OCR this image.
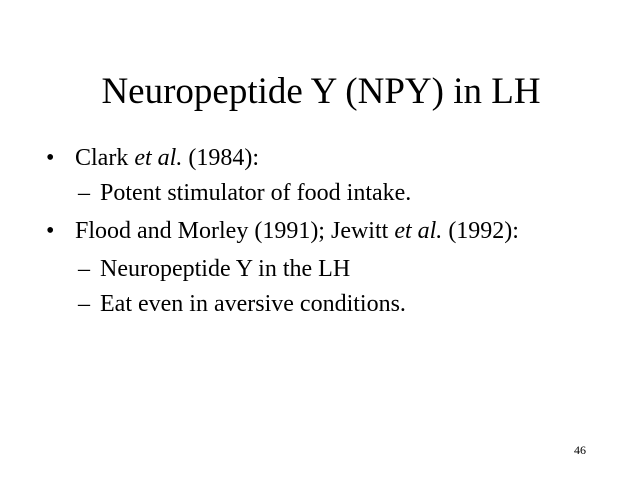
Neuropeptide Y (NPY) in LH
• Clark et al. (1984):
– Potent stimulator of food intake.
• Flood and Morley (1991); Jewitt et al. (1992):
– Neuropeptide Y in the LH
– Eat even in aversive conditions.
46
